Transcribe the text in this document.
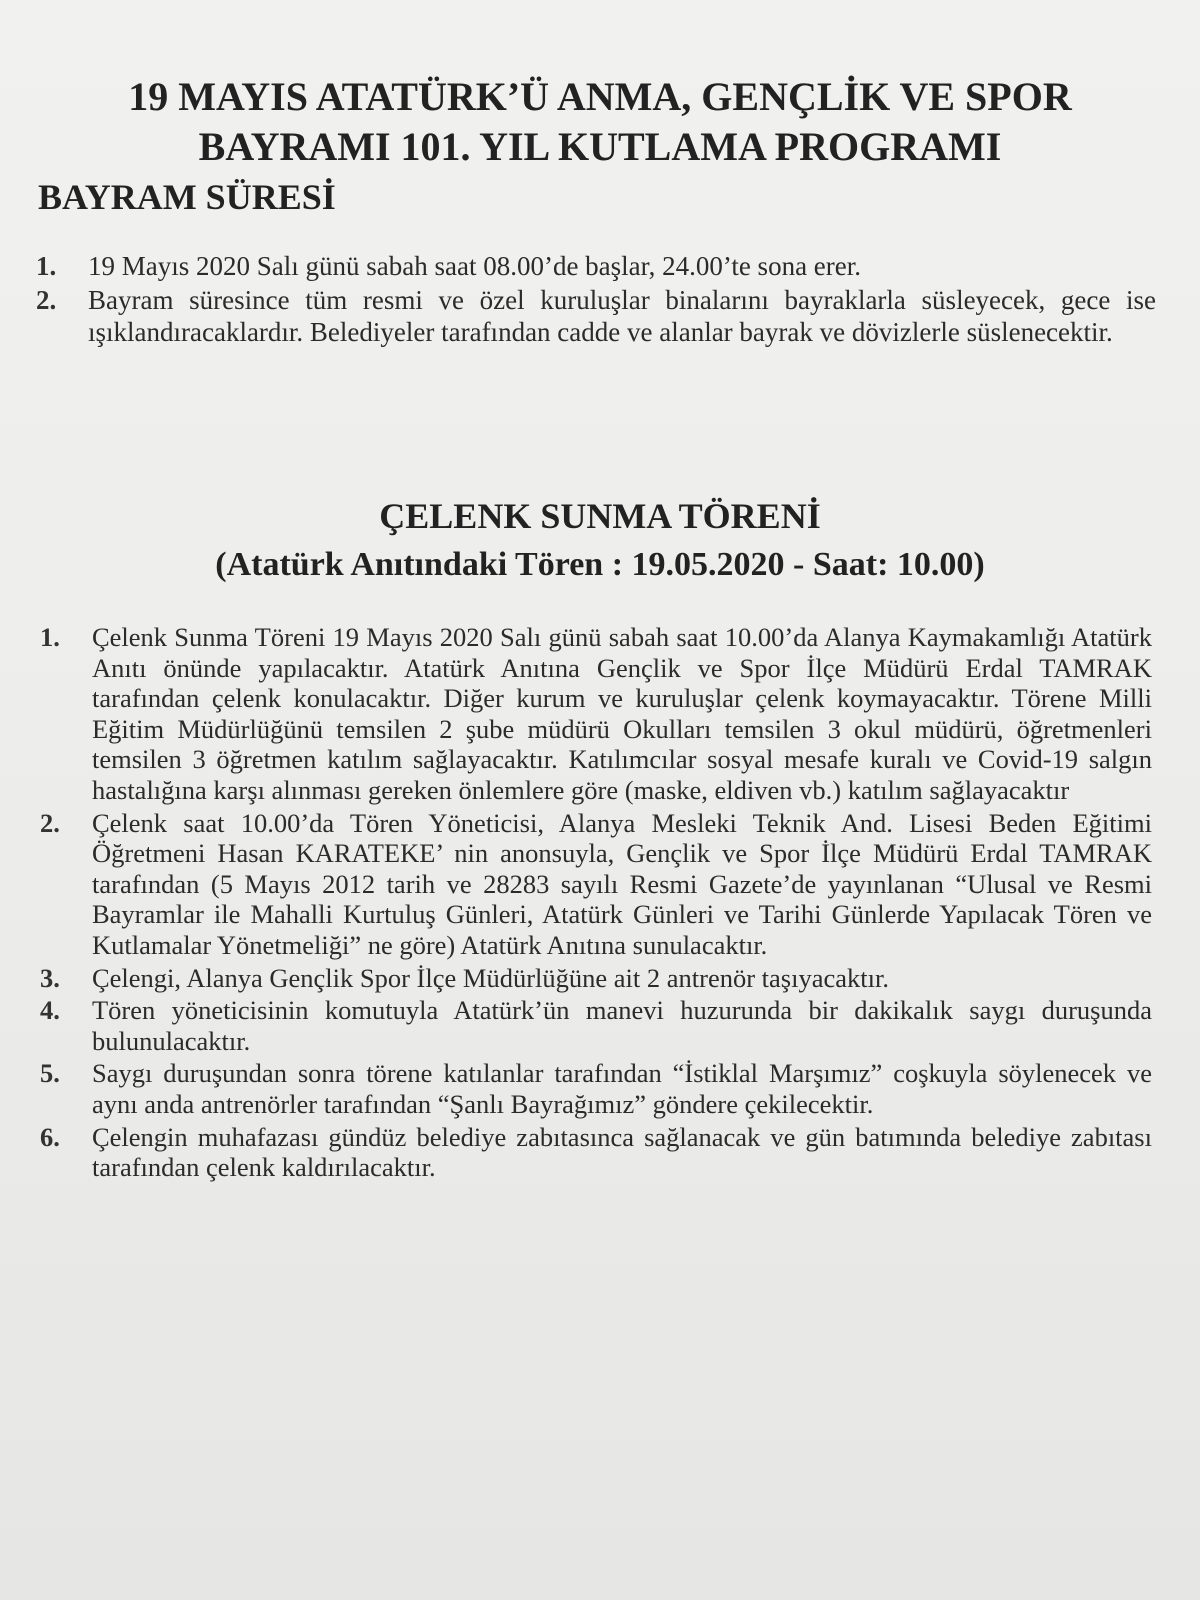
19 MAYIS ATATÜRK’Ü ANMA, GENÇLİK VE SPOR
BAYRAMI 101. YIL KUTLAMA PROGRAMI
BAYRAM SÜRESİ
1.	19 Mayıs 2020 Salı günü sabah saat 08.00’de başlar, 24.00’te sona erer.
2.	Bayram süresince tüm resmi ve özel kuruluşlar binalarını bayraklarla süsleyecek, gece ise ışıklandıracaklardır. Belediyeler tarafından cadde ve alanlar bayrak ve dövizlerle süslenecektir.
ÇELENK SUNMA TÖRENİ
(Atatürk Anıtındaki Tören : 19.05.2020 - Saat: 10.00)
1.	Çelenk Sunma Töreni 19 Mayıs 2020 Salı günü sabah saat 10.00’da Alanya Kaymakamlığı Atatürk Anıtı önünde yapılacaktır. Atatürk Anıtına Gençlik ve Spor İlçe Müdürü Erdal TAMRAK tarafından çelenk konulacaktır. Diğer kurum ve kuruluşlar çelenk koymayacaktır. Törene Milli Eğitim Müdürlüğünü temsilen 2 şube müdürü Okulları temsilen 3 okul müdürü, öğretmenleri temsilen 3 öğretmen katılım sağlayacaktır. Katılımcılar sosyal mesafe kuralı ve Covid-19 salgın hastalığına karşı alınması gereken önlemlere göre (maske, eldiven vb.) katılım sağlayacaktır
2.	Çelenk saat 10.00’da Tören Yöneticisi, Alanya Mesleki Teknik And. Lisesi Beden Eğitimi Öğretmeni Hasan KARATEKE’ nin anonsuyla, Gençlik ve Spor İlçe Müdürü Erdal TAMRAK tarafından (5 Mayıs 2012 tarih ve 28283 sayılı Resmi Gazete’de yayınlanan “Ulusal ve Resmi Bayramlar ile Mahalli Kurtuluş Günleri, Atatürk Günleri ve Tarihi Günlerde Yapılacak Tören ve Kutlamalar Yönetmeliği” ne göre) Atatürk Anıtına sunulacaktır.
3.	Çelengi, Alanya Gençlik Spor İlçe Müdürlüğüne ait 2 antrenör taşıyacaktır.
4.	Tören yöneticisinin komutuyla Atatürk’ün manevi huzurunda bir dakikalık saygı duruşunda bulunulacaktır.
5.	Saygı duruşundan sonra törene katılanlar tarafından “İstiklal Marşımız” coşkuyla söylenecek ve aynı anda antrenörler tarafından “Şanlı Bayrağımız” göndere çekilecektir.
6.	Çelengin muhafazası gündüz belediye zabıtasınca sağlanacak ve gün batımında belediye zabıtası tarafından çelenk kaldırılacaktır.
